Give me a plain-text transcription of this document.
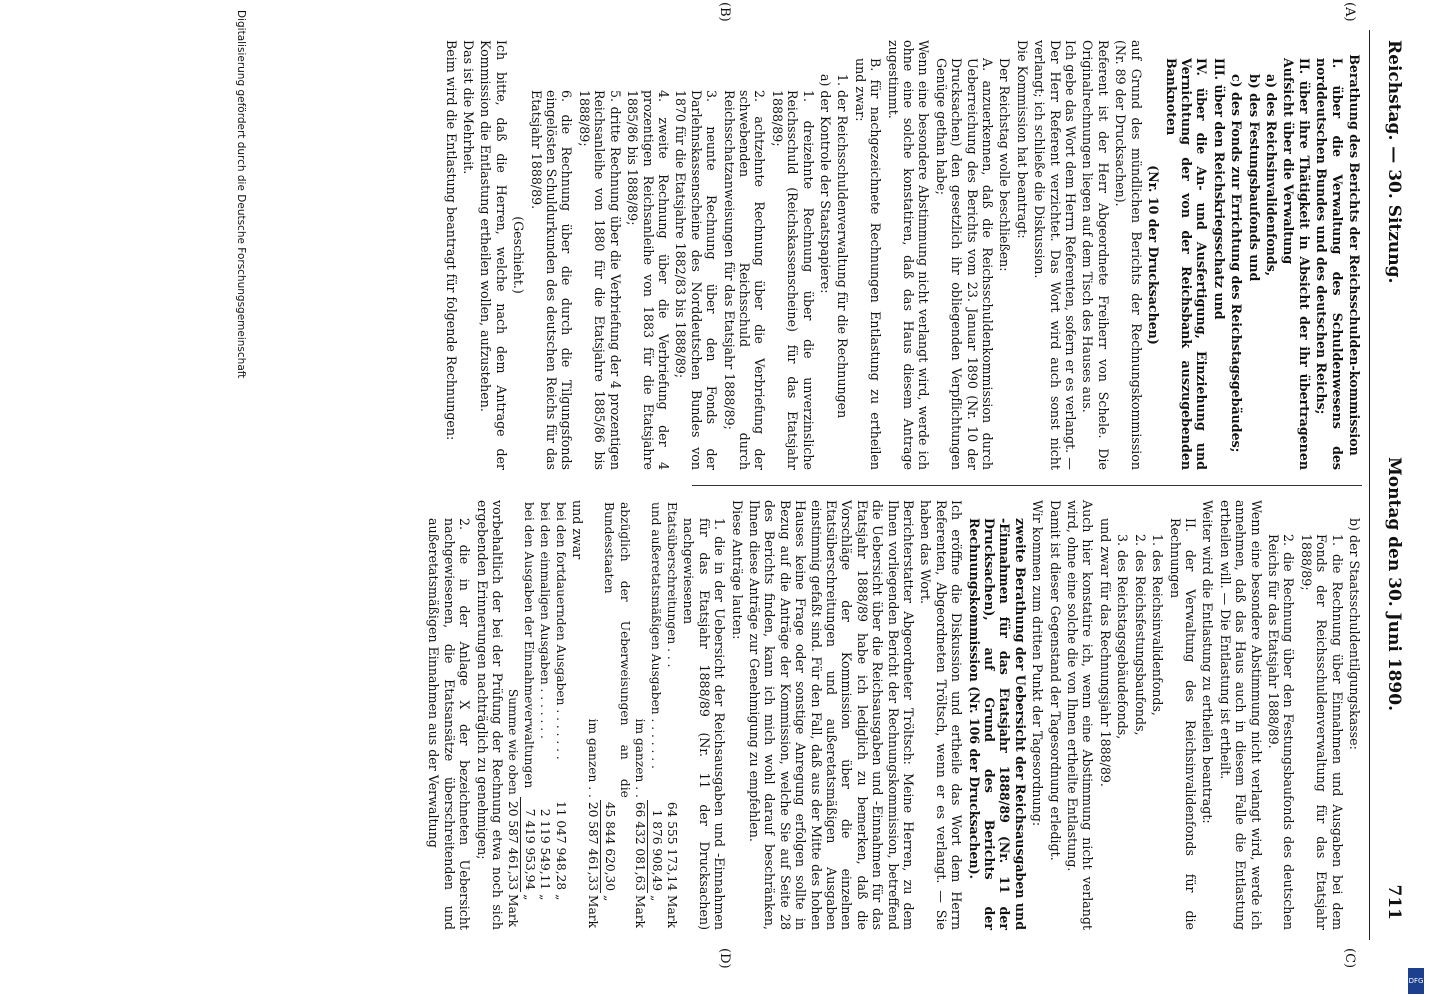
Reichstag. — 30. Sitzung.
Montag den 30. Juni 1890.
711
(A)
(B)
(C)
(D)

Berathung des Berichts der Reichsschulden-kommission

I. über die Verwaltung des Schuldenwesens des norddeutschen Bundes und des deutschen Reichs;

II. über ihre Thätigkeit in Absicht der ihr übertragenen Aufsicht über die Verwaltung

a) des Reichsinvalidenfonds,

b) des Festungsbaufonds und

c) des Fonds zur Errichtung des Reichstagsgebäudes;

III. über den Reichskriegsschatz und

IV. über die An- und Ausfertigung, Einziehung und Vernichtung der von der Reichsbank auszugebenden Banknoten

(Nr. 10 der Drucksachen)

auf Grund des mündlichen Berichts der Rechnungskommission (Nr. 89 der Drucksachen).

Referent ist der Herr Abgeordnete Freiherr von Schele. Die Originalrechnungen liegen auf dem Tisch des Hauses aus.

Ich gebe das Wort dem Herrn Referenten, sofern er es verlangt. — Der Herr Referent verzichtet. Das Wort wird auch sonst nicht verlangt; ich schließe die Diskussion.

Die Kommission hat beantragt:

Der Reichstag wolle beschließen:

A. anzuerkennen, daß die Reichsschuldenkommission durch Ueberreichung des Berichts vom 23. Januar 1890 (Nr. 10 der Drucksachen) den gesetzlich ihr obliegenden Verpflichtungen Genüge gethan habe;

Wenn eine besondere Abstimmung nicht verlangt wird, werde ich ohne eine solche konstatiren, daß das Haus diesem Antrage zugestimmt.

B. für nachgezeichnete Rechnungen Entlastung zu ertheilen und zwar:

1. der Reichsschuldenverwaltung für die Rechnungen

a) der Kontrole der Staatspapiere:

1. dreizehnte Rechnung über die unverzinsliche Reichsschuld (Reichskassenscheine) für das Etatsjahr 1888/89;

2. achtzehnte Rechnung über die Verbriefung der schwebenden Reichsschuld durch Reichsschatzanweisungen für das Etatsjahr 1888/89;

3. neunte Rechnung über den Fonds der Darlehnskassenscheine des Norddeutschen Bundes von 1870 für die Etatsjahre 1882/83 bis 1888/89;

4. zweite Rechnung über die Verbriefung der 4 prozentigen Reichsanleihe von 1883 für die Etatsjahre 1885/86 bis 1888/89;

5. dritte Rechnung über die Verbriefung der 4 prozentigen Reichsanleihe von 1880 für die Etatsjahre 1885/86 bis 1888/89;

6. die Rechnung über die durch die Tilgungsfonds eingelösten Schuldurkunden des deutschen Reichs für das Etatsjahr 1888/89.

(Geschieht.)

Ich bitte, daß die Herren, welche nach dem Antrage der Kommission die Entlastung ertheilen wollen, aufzustehen.

Das ist die Mehrheit.

Beim wird die Entlastung beantragt für folgende Rechnungen:

b) der Staatsschuldentilgungskasse:

1. die Rechnung über Einnahmen und Ausgaben bei dem Fonds der Reichsschuldenverwaltung für das Etatsjahr 1888/89;

2. die Rechnung über den Festungsbaufonds des deutschen Reichs für das Etatsjahr 1888/89.

Wenn eine besondere Abstimmung nicht verlangt wird, werde ich annehmen, daß das Haus auch in diesem Falle die Entlastung ertheilen will. — Die Entlastung ist ertheilt.

Weiter wird die Entlastung zu ertheilen beantragt:

II. der Verwaltung des Reichsinvalidenfonds für die Rechnungen

1. des Reichsinvalidenfonds,

2. des Reichsfestungsbaufonds,

3. des Reichstagsgebäudefonds,

und zwar für das Rechnungsjahr 1888/89.

Auch hier konstatire ich, wenn eine Abstimmung nicht verlangt wird, ohne eine solche die von Ihnen ertheilte Entlastung.

Damit ist dieser Gegenstand der Tagesordnung erledigt.

Wir kommen zum dritten Punkt der Tagesordnung:

zweite Berathung der Uebersicht der Reichsausgaben und -Einnahmen für das Etatsjahr 1888/89 (Nr. 11 der Drucksachen), auf Grund des Berichts der Rechnungskommission (Nr. 106 der Drucksachen).

Ich eröffne die Diskussion und ertheile das Wort dem Herrn Referenten, Abgeordneten Tröltsch, wenn er es verlangt. — Sie haben das Wort.

Berichterstatter Abgeordneter Tröltsch: Meine Herren, zu dem Ihnen vorliegenden Bericht der Rechnungskommission, betreffend die Uebersicht über die Reichsausgaben und -Einnahmen für das Etatsjahr 1888/89 habe ich lediglich zu bemerken, daß die Vorschläge der Kommission über die einzelnen Etatsüberschreitungen und außeretatsmäßigen Ausgaben einstimmig gefaßt sind. Für den Fall, daß aus der Mitte des hohen Hauses keine Frage oder sonstige Anregung erfolgen sollte in Bezug auf die Anträge der Kommission, welche Sie auf Seite 28 des Berichts finden, kann ich mich wohl darauf beschränken, Ihnen diese Anträge zur Genehmigung zu empfehlen.

Diese Anträge lauten:

1. die in der Uebersicht der Reichsausgaben und -Einnahmen für das Etatsjahr 1888/89 (Nr. 11 der Drucksachen) nachgewiesenen

Etatsüberschreitungen . . .	64 555 173,14	Mark
und außeretatsmäßigen Ausgaben . . . . . . .	1 876 908,49	„
im ganzen . .	66 432 081,63	Mark
abzüglich der Ueberweisungen an die Bundesstaaten	45 844 620,30	„
im ganzen . .	20 587 461,33	Mark

und zwar

bei den fortdauernden Ausgaben . . . . . . .	11 047 948,28	„
bei den einmaligen Ausgaben . . . . . . .	2 119 549,11	„
bei den Ausgaben der Einnahmeverwaltungen	7 419 953,94	„
Summe wie oben	20 587 461,33	Mark

vorbehaltlich der bei der Prüfung der Rechnung etwa noch sich ergebenden Erinnerungen nachträglich zu genehmigen;

2. die in der Anlage X der bezeichneten Uebersicht nachgewiesenen, die Etatsansätze überschreitenden und außeretatsmäßigen Einnahmen aus der Verwaltung

Digitalisierung gefördert durch die Deutsche Forschungsgemeinschaft
DFG
